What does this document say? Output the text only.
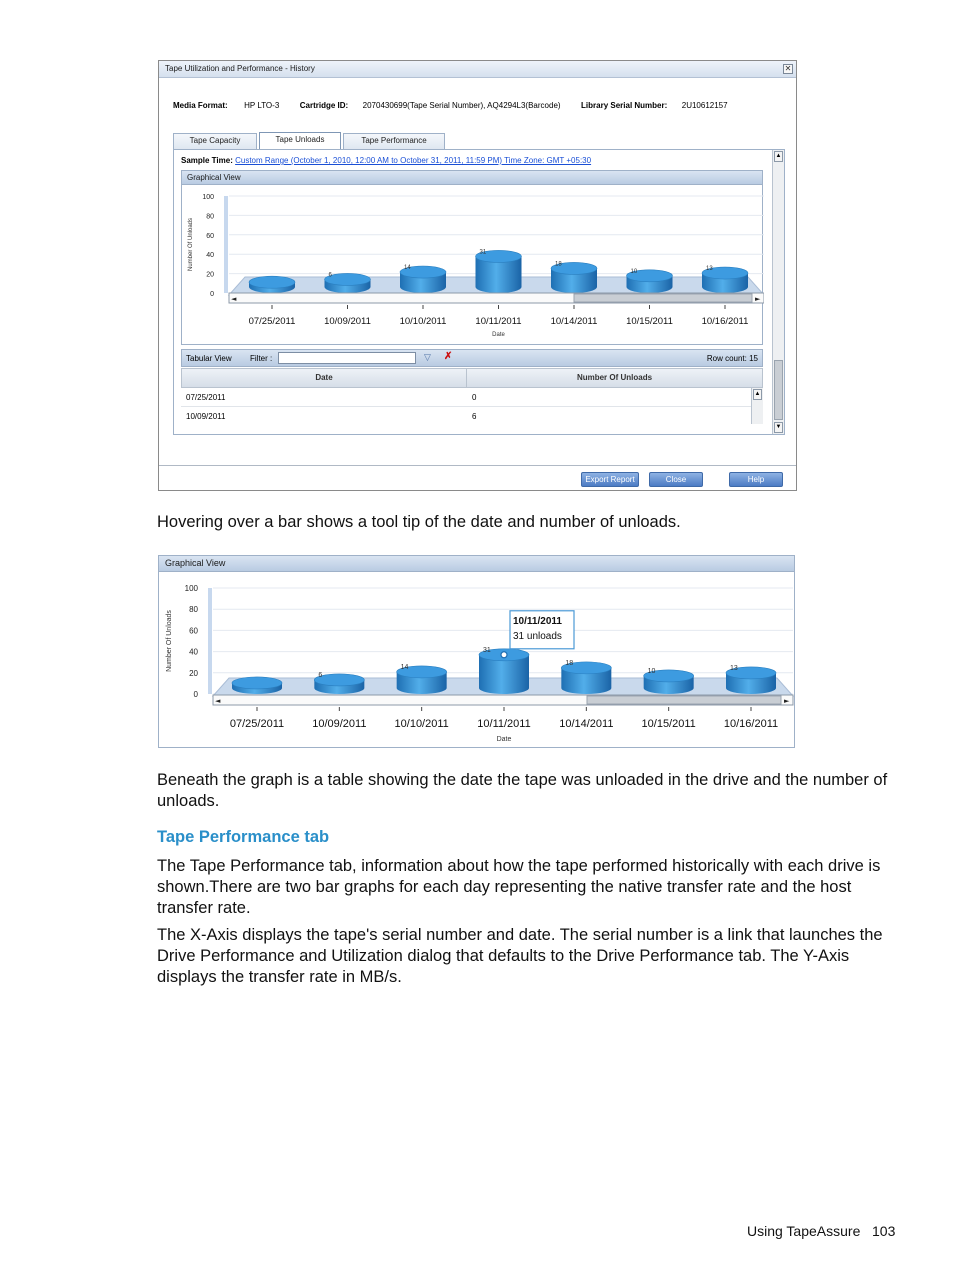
Tape Utilization and Performance - History	✕
Media Format: HP LTO-3	Cartridge ID: 2070430699(Tape Serial Number), AQ4294L3(Barcode)	Library Serial Number: 2U10612157
Tape Capacity	Tape Unloads	Tape Performance
Sample Time: Custom Range (October 1, 2010, 12:00 AM to October 31, 2011, 11:59 PM) Time Zone: GMT +05:30
Graphical View
0
20
40
60
80
100
Number Of Unloads
07/25/2011
6
10/09/2011
14
10/10/2011
31
10/11/2011
18
10/14/2011
10
10/15/2011
13
10/16/2011
◄	►
Date
Tabular View Filter :	▽ ✗	Row count: 15
Date	Number Of Unloads
07/25/2011	0
10/09/2011	6
▲
▲
▼
Export Report	Close	Help

Hovering over a bar shows a tool tip of the date and number of unloads.

Graphical View
0
20
40
60
80
100
Number Of Unloads
07/25/2011
6
10/09/2011
14
10/10/2011
31
10/11/2011
10/11/2011
31 unloads
18
10/14/2011
10
10/15/2011
13
10/16/2011
◄	►
Date

Beneath the graph is a table showing the date the tape was unloaded in the drive and the number of unloads.

Tape Performance tab

The Tape Performance tab, information about how the tape performed historically with each drive is shown.There are two bar graphs for each day representing the native transfer rate and the host transfer rate.

The X-Axis displays the tape's serial number and date. The serial number is a link that launches the Drive Performance and Utilization dialog that defaults to the Drive Performance tab. The Y-Axis displays the transfer rate in MB/s.

Using TapeAssure 103
